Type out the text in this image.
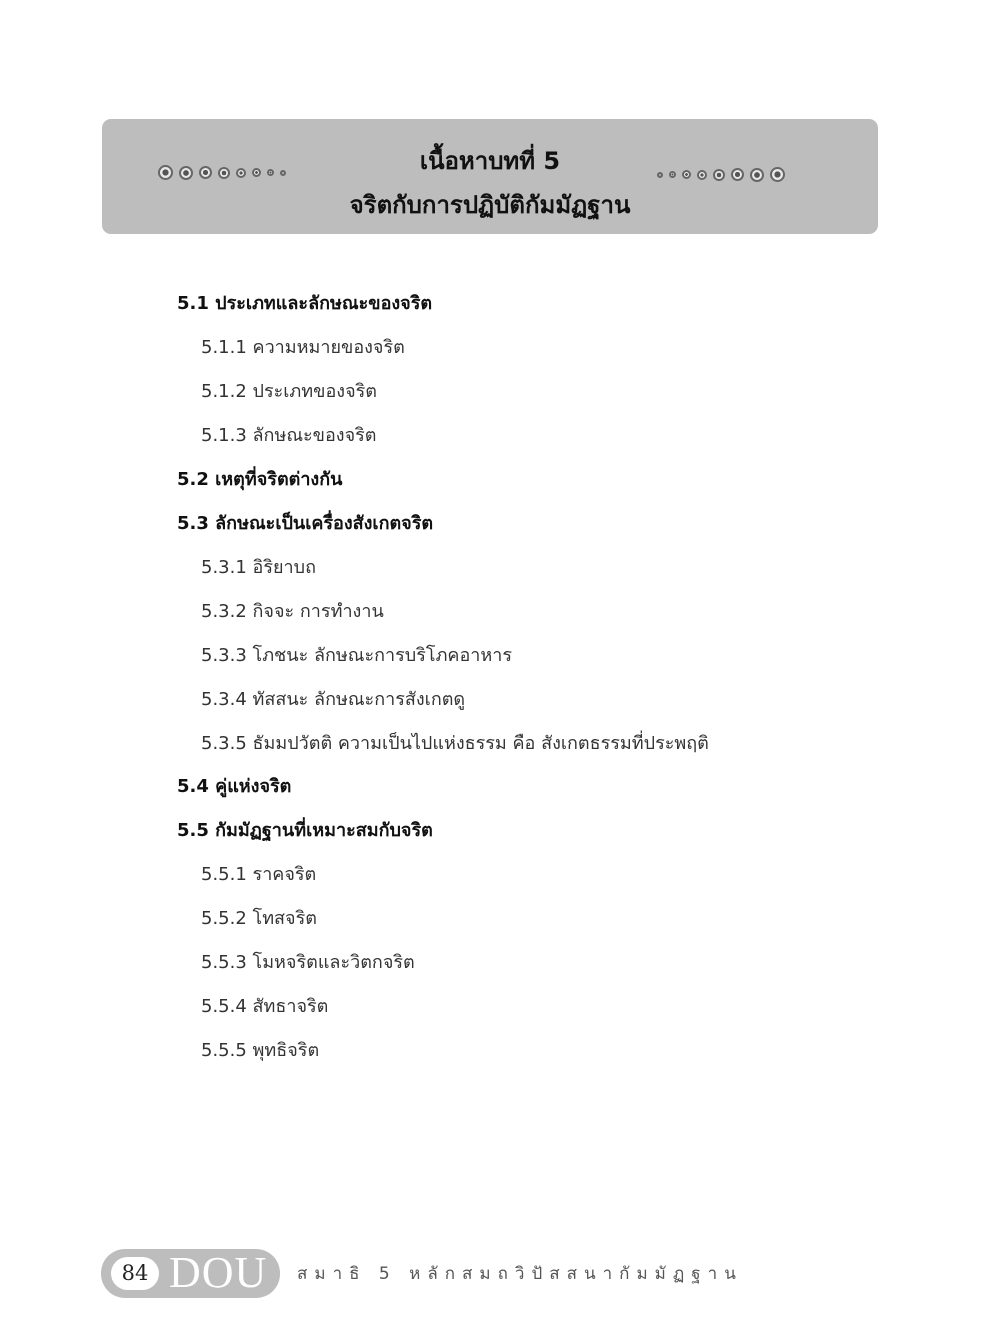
เนื้อหาบทที่ 5
จริตกับการปฏิบัติกัมมัฏฐาน
5.1 ประเภทและลักษณะของจริต
5.1.1 ความหมายของจริต
5.1.2 ประเภทของจริต
5.1.3 ลักษณะของจริต
5.2 เหตุที่จริตต่างกัน
5.3 ลักษณะเป็นเครื่องสังเกตจริต
5.3.1 อิริยาบถ
5.3.2 กิจจะ การทำงาน
5.3.3 โภชนะ ลักษณะการบริโภคอาหาร
5.3.4 ทัสสนะ ลักษณะการสังเกตดู
5.3.5 ธัมมปวัตติ ความเป็นไปแห่งธรรม คือ สังเกตธรรมที่ประพฤติ
5.4 คู่แห่งจริต
5.5 กัมมัฏฐานที่เหมาะสมกับจริต
5.5.1 ราคจริต
5.5.2 โทสจริต
5.5.3 โมหจริตและวิตกจริต
5.5.4 สัทธาจริต
5.5.5 พุทธิจริต
84 DOU สมาธิ 5 หลักสมถวิปัสสนากัมมัฏฐาน
